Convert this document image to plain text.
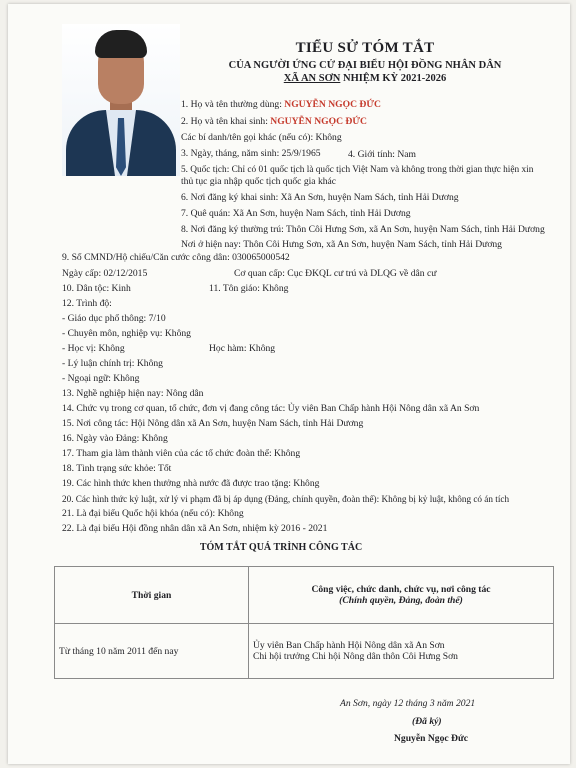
TIỂU SỬ TÓM TẮT
CỦA NGƯỜI ỨNG CỬ ĐẠI BIỂU HỘI ĐỒNG NHÂN DÂN
XÃ AN SƠN NHIỆM KỲ 2021-2026
1. Họ và tên thường dùng: NGUYỄN NGỌC ĐỨC
2. Họ và tên khai sinh: NGUYỄN NGỌC ĐỨC
Các bí danh/tên gọi khác (nếu có): Không
3. Ngày, tháng, năm sinh: 25/9/1965	4. Giới tính: Nam
5. Quốc tịch: Chỉ có 01 quốc tịch là quốc tịch Việt Nam và không trong thời gian thực hiện xin
thủ tục gia nhập quốc tịch quốc gia khác
6. Nơi đăng ký khai sinh: Xã An Sơn, huyện Nam Sách, tỉnh Hải Dương
7. Quê quán: Xã An Sơn, huyện Nam Sách, tỉnh Hải Dương
8. Nơi đăng ký thường trú: Thôn Côi Hưng Sơn, xã An Sơn, huyện Nam Sách, tỉnh Hải Dương
Nơi ở hiện nay: Thôn Côi Hưng Sơn, xã An Sơn, huyện Nam Sách, tỉnh Hải Dương
9. Số CMND/Hộ chiếu/Căn cước công dân: 030065000542
Ngày cấp: 02/12/2015	Cơ quan cấp: Cục ĐKQL cư trú và DLQG về dân cư
10. Dân tộc: Kinh	11. Tôn giáo: Không
12. Trình độ:
- Giáo dục phổ thông: 7/10
- Chuyên môn, nghiệp vụ: Không
- Học vị: Không	Học hàm: Không
- Lý luận chính trị: Không
- Ngoại ngữ: Không
13. Nghề nghiệp hiện nay: Nông dân
14. Chức vụ trong cơ quan, tổ chức, đơn vị đang công tác: Ủy viên Ban Chấp hành Hội Nông dân xã An Sơn
15. Nơi công tác: Hội Nông dân xã An Sơn, huyện Nam Sách, tỉnh Hải Dương
16. Ngày vào Đảng: Không
17. Tham gia làm thành viên của các tổ chức đoàn thể: Không
18. Tình trạng sức khỏe: Tốt
19. Các hình thức khen thưởng nhà nước đã được trao tặng: Không
20. Các hình thức kỷ luật, xử lý vi phạm đã bị áp dụng (Đảng, chính quyền, đoàn thể): Không bị kỷ luật, không có án tích
21. Là đại biểu Quốc hội khóa (nếu có): Không
22. Là đại biểu Hội đồng nhân dân xã An Sơn, nhiệm kỳ 2016 - 2021
TÓM TẮT QUÁ TRÌNH CÔNG TÁC
Thời gian	Công việc, chức danh, chức vụ, nơi công tác
(Chính quyền, Đảng, đoàn thể)

Từ tháng 10 năm 2011 đến nay	Ủy viên Ban Chấp hành Hội Nông dân xã An Sơn
Chi hội trưởng Chi hội Nông dân thôn Côi Hưng Sơn
An Sơn, ngày 12 tháng 3 năm 2021
(Đã ký)
Nguyễn Ngọc Đức
